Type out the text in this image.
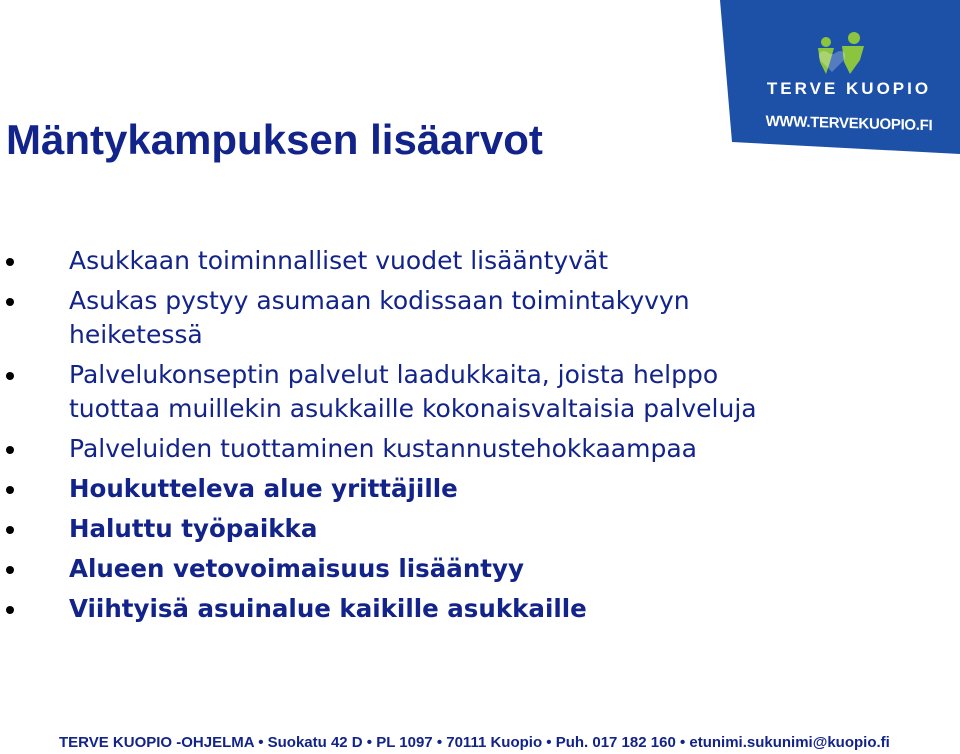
TERVE KUOPIO
WWW.TERVEKUOPIO.FI
Mäntykampuksen lisäarvot
Asukkaan toiminnalliset vuodet lisääntyvät
Asukas pystyy asumaan kodissaan toimintakyvyn
heiketessä
Palvelukonseptin palvelut laadukkaita, joista helppo
tuottaa muillekin asukkaille kokonaisvaltaisia palveluja
Palveluiden tuottaminen kustannustehokkaampaa
Houkutteleva alue yrittäjille
Haluttu työpaikka
Alueen vetovoimaisuus lisääntyy
Viihtyisä asuinalue kaikille asukkaille
TERVE KUOPIO -OHJELMA • Suokatu 42 D • PL 1097 • 70111 Kuopio • Puh. 017 182 160 • etunimi.sukunimi@kuopio.fi
